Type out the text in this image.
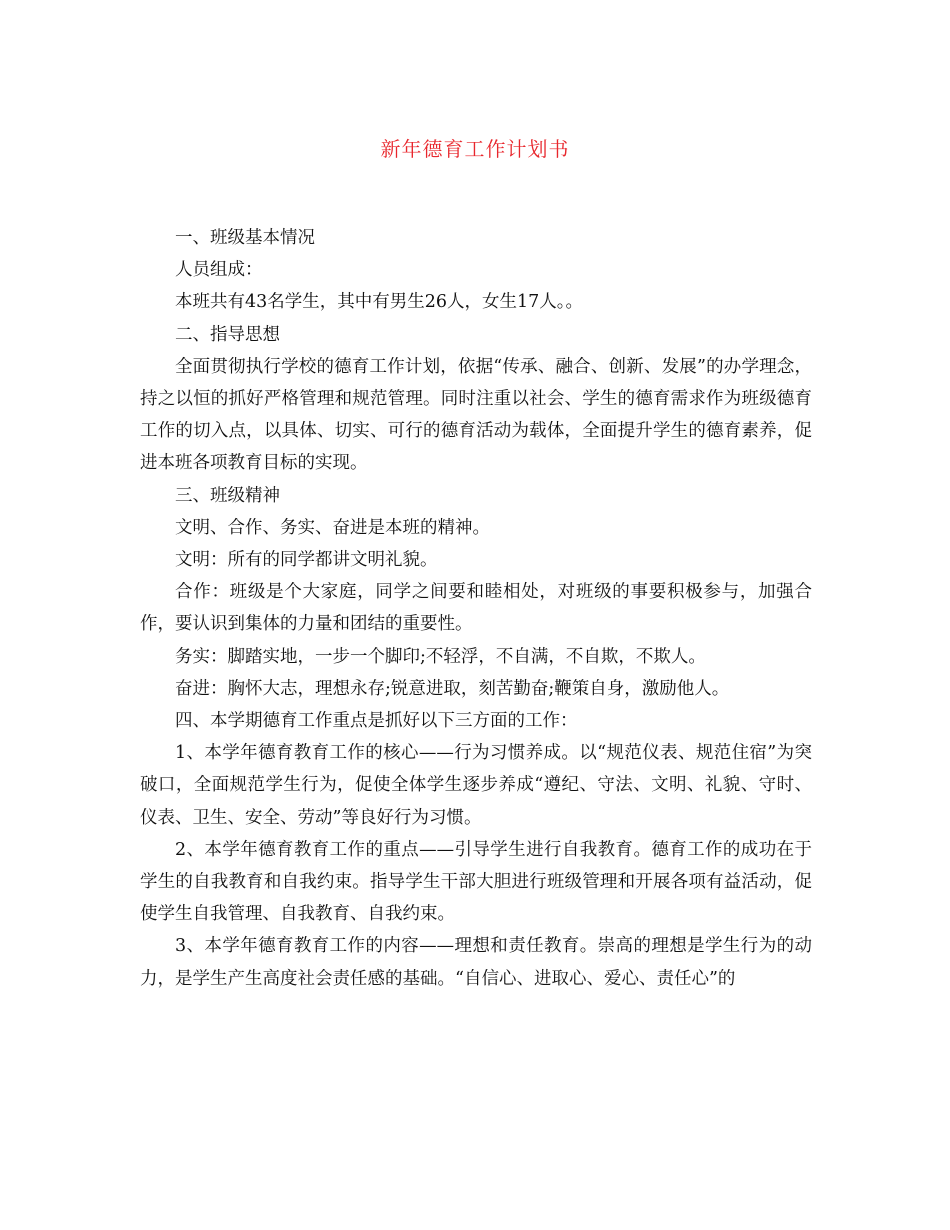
新年德育工作计划书

一、班级基本情况

人员组成：

本班共有43名学生，其中有男生26人，女生17人。。

二、指导思想

全面贯彻执行学校的德育工作计划，依据“传承、融合、创新、发展”的办学理念，持之以恒的抓好严格管理和规范管理。同时注重以社会、学生的德育需求作为班级德育工作的切入点，以具体、切实、可行的德育活动为载体，全面提升学生的德育素养，促进本班各项教育目标的实现。

三、班级精神

文明、合作、务实、奋进是本班的精神。

文明：所有的同学都讲文明礼貌。

合作：班级是个大家庭，同学之间要和睦相处，对班级的事要积极参与，加强合作，要认识到集体的力量和团结的重要性。

务实：脚踏实地，一步一个脚印;不轻浮，不自满，不自欺，不欺人。

奋进：胸怀大志，理想永存;锐意进取，刻苦勤奋;鞭策自身，激励他人。

四、本学期德育工作重点是抓好以下三方面的工作：

1、本学年德育教育工作的核心——行为习惯养成。以“规范仪表、规范住宿”为突破口，全面规范学生行为，促使全体学生逐步养成“遵纪、守法、文明、礼貌、守时、仪表、卫生、安全、劳动”等良好行为习惯。

2、本学年德育教育工作的重点——引导学生进行自我教育。德育工作的成功在于学生的自我教育和自我约束。指导学生干部大胆进行班级管理和开展各项有益活动，促使学生自我管理、自我教育、自我约束。

3、本学年德育教育工作的内容——理想和责任教育。崇高的理想是学生行为的动力，是学生产生高度社会责任感的基础。“自信心、进取心、爱心、责任心”的
